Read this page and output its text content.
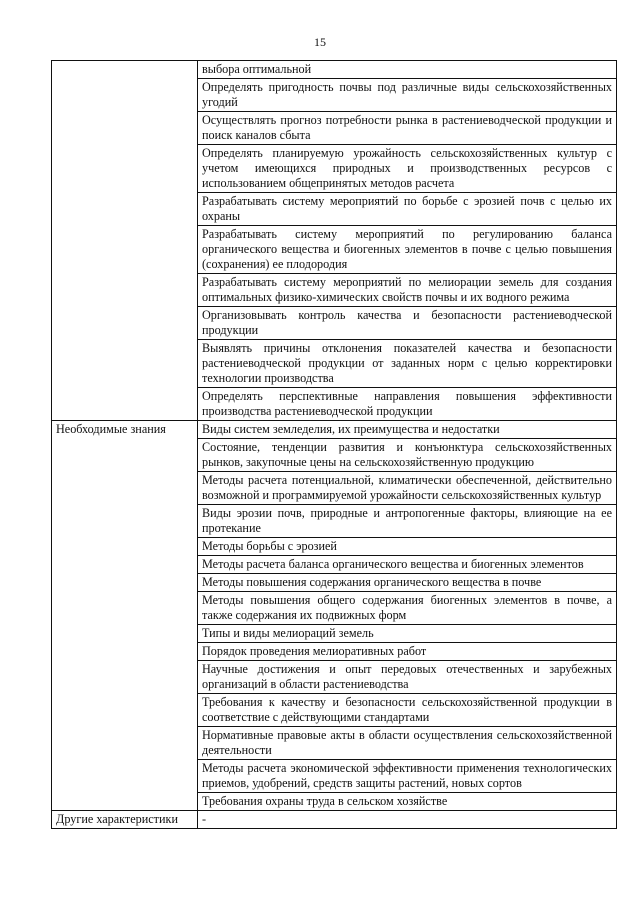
15
	выбора оптимальной
	Определять пригодность почвы под различные виды сельскохозяйственных угодий
	Осуществлять прогноз потребности рынка в растениеводческой продукции и поиск каналов сбыта
	Определять планируемую урожайность сельскохозяйственных культур с учетом имеющихся природных и производственных ресурсов с использованием общепринятых методов расчета
	Разрабатывать систему мероприятий по борьбе с эрозией почв с целью их охраны
	Разрабатывать систему мероприятий по регулированию баланса органического вещества и биогенных элементов в почве с целью повышения (сохранения) ее плодородия
	Разрабатывать систему мероприятий по мелиорации земель для создания оптимальных физико-химических свойств почвы и их водного режима
	Организовывать контроль качества и безопасности растениеводческой продукции
	Выявлять причины отклонения показателей качества и безопасности растениеводческой продукции от заданных норм с целью корректировки технологии производства
	Определять перспективные направления повышения эффективности производства растениеводческой продукции
Необходимые знания	Виды систем земледелия, их преимущества и недостатки
	Состояние, тенденции развития и конъюнктура сельскохозяйственных рынков, закупочные цены на сельскохозяйственную продукцию
	Методы расчета потенциальной, климатически обеспеченной, действительно возможной и программируемой урожайности сельскохозяйственных культур
	Виды эрозии почв, природные и антропогенные факторы, влияющие на ее протекание
	Методы борьбы с эрозией
	Методы расчета баланса органического вещества и биогенных элементов
	Методы повышения содержания органического вещества в почве
	Методы повышения общего содержания биогенных элементов в почве, а также содержания их подвижных форм
	Типы и виды мелиораций земель
	Порядок проведения мелиоративных работ
	Научные достижения и опыт передовых отечественных и зарубежных организаций в области растениеводства
	Требования к качеству и безопасности сельскохозяйственной продукции в соответствие с действующими стандартами
	Нормативные правовые акты в области осуществления сельскохозяйственной деятельности
	Методы расчета экономической эффективности применения технологических приемов, удобрений, средств защиты растений, новых сортов
	Требования охраны труда в сельском хозяйстве
Другие характеристики	-
